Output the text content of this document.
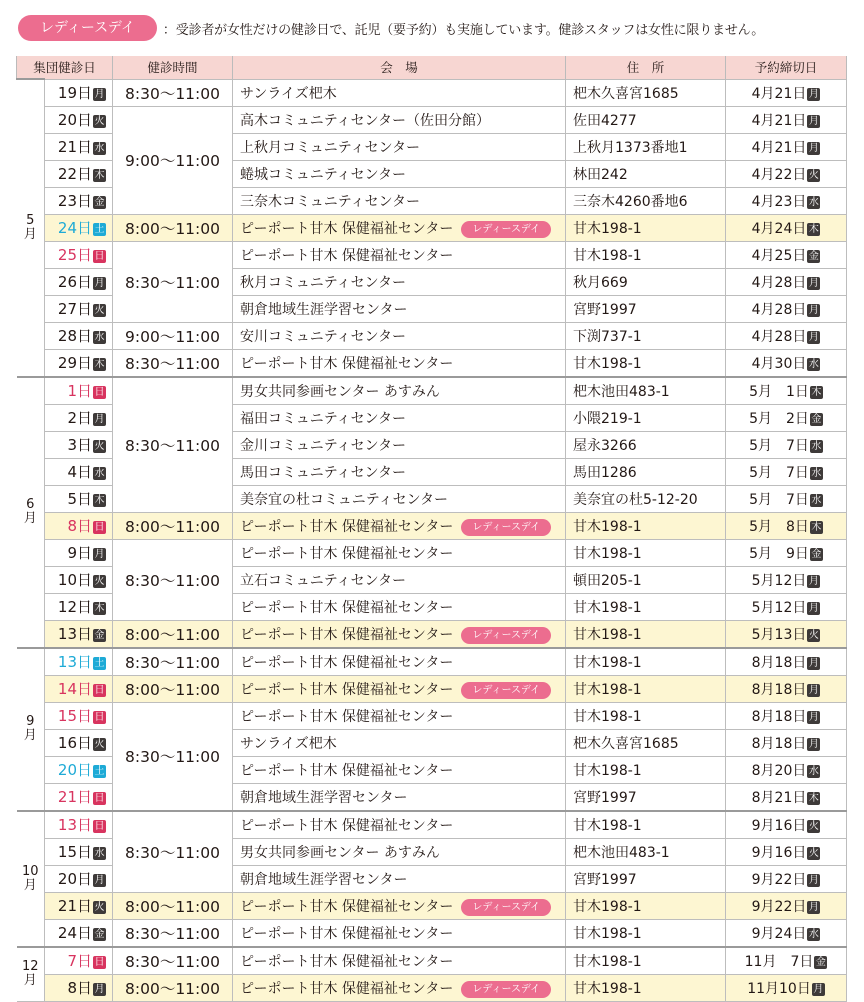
レディースデイ	：受診者が女性だけの健診日で、託児（要予約）も実施しています。健診スタッフは女性に限りません。
集団健診日		健診時間	会　場	住　所	予約締切日

5
月	19日 月	8:30～11:00	サンライズ杷木	杷木久喜宮1685	4月21日 月
	20日 火	9:00～11:00	高木コミュニティセンター（佐田分館）	佐田4277	4月21日 月
	21日 水		上秋月コミュニティセンター	上秋月1373番地1	4月21日 月
	22日 木		蜷城コミュニティセンター	林田242	4月22日 火
	23日 金		三奈木コミュニティセンター	三奈木4260番地6	4月23日 水
	24日 土	8:00～11:00	ピーポート甘木 保健福祉センター レディースデイ	甘木198-1	4月24日 木
	25日 日	8:30～11:00	ピーポート甘木 保健福祉センター	甘木198-1	4月25日 金
	26日 月		秋月コミュニティセンター	秋月669	4月28日 月
	27日 火		朝倉地域生涯学習センター	宮野1997	4月28日 月
	28日 水	9:00～11:00	安川コミュニティセンター	下渕737-1	4月28日 月
	29日 木	8:30～11:00	ピーポート甘木 保健福祉センター	甘木198-1	4月30日 水

6
月	1日 日	8:30～11:00	男女共同参画センター あすみん	杷木池田483-1	5月　1日 木
	2日 月		福田コミュニティセンター	小隈219-1	5月　2日 金
	3日 火		金川コミュニティセンター	屋永3266	5月　7日 水
	4日 水		馬田コミュニティセンター	馬田1286	5月　7日 水
	5日 木		美奈宜の杜コミュニティセンター	美奈宜の杜5-12-20	5月　7日 水
	8日 日	8:00～11:00	ピーポート甘木 保健福祉センター レディースデイ	甘木198-1	5月　8日 木
	9日 月	8:30～11:00	ピーポート甘木 保健福祉センター	甘木198-1	5月　9日 金
	10日 火		立石コミュニティセンター	頓田205-1	5月12日 月
	12日 木		ピーポート甘木 保健福祉センター	甘木198-1	5月12日 月
	13日 金	8:00～11:00	ピーポート甘木 保健福祉センター レディースデイ	甘木198-1	5月13日 火

9
月	13日 土	8:30～11:00	ピーポート甘木 保健福祉センター	甘木198-1	8月18日 月
	14日 日	8:00～11:00	ピーポート甘木 保健福祉センター レディースデイ	甘木198-1	8月18日 月
	15日 日	8:30～11:00	ピーポート甘木 保健福祉センター	甘木198-1	8月18日 月
	16日 火		サンライズ杷木	杷木久喜宮1685	8月18日 月
	20日 土		ピーポート甘木 保健福祉センター	甘木198-1	8月20日 水
	21日 日		朝倉地域生涯学習センター	宮野1997	8月21日 木

10
月	13日 日	8:30～11:00	ピーポート甘木 保健福祉センター	甘木198-1	9月16日 火
	15日 水		男女共同参画センター あすみん	杷木池田483-1	9月16日 火
	20日 月		朝倉地域生涯学習センター	宮野1997	9月22日 月
	21日 火	8:00～11:00	ピーポート甘木 保健福祉センター レディースデイ	甘木198-1	9月22日 月
	24日 金	8:30～11:00	ピーポート甘木 保健福祉センター	甘木198-1	9月24日 水

12
月	7日 日	8:30～11:00	ピーポート甘木 保健福祉センター	甘木198-1	11月　7日 金
	8日 月	8:00～11:00	ピーポート甘木 保健福祉センター レディースデイ	甘木198-1	11月10日 月
